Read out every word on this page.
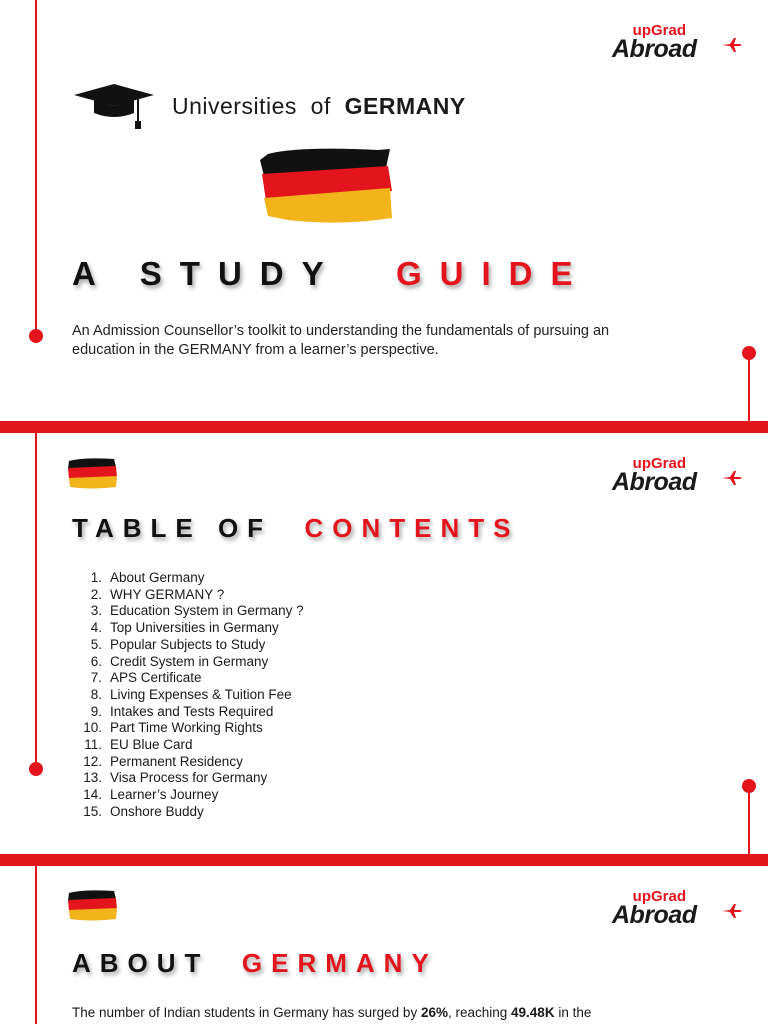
upGrad
Abroad
Universities of GERMANY
A STUDY GUIDE
An Admission Counsellor’s toolkit to understanding the fundamentals of pursuing an education in the GERMANY from a learner’s perspective.
upGrad
Abroad
TABLE OF CONTENTS
1. About Germany
2. WHY GERMANY ?
3. Education System in Germany ?
4. Top Universities in Germany
5. Popular Subjects to Study
6. Credit System in Germany
7. APS Certificate
8. Living Expenses & Tuition Fee
9. Intakes and Tests Required
10. Part Time Working Rights
11. EU Blue Card
12. Permanent Residency
13. Visa Process for Germany
14. Learner’s Journey
15. Onshore Buddy
upGrad
Abroad
ABOUT GERMANY
The number of Indian students in Germany has surged by 26%, reaching 49.48K in the
